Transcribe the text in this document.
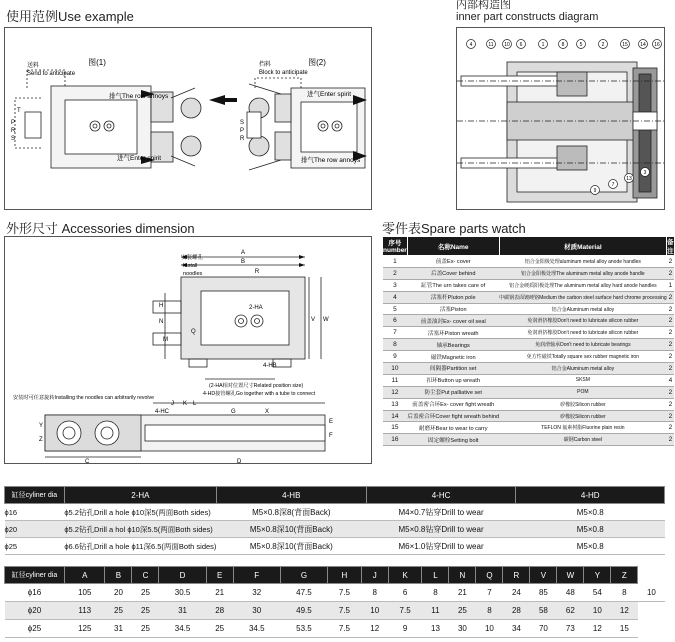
使用范例Use example
图(1)
送料
Send to anticipate
排气The row annoys
进气Enter spirit
P
R
S
T
图(2)
挡料
Block to anticipate
进气Enter spirit
排气The row annoys
S
P
R
内部构造图
inner part constructs diagram
4	11 10 6	1	8	5	2	15 14 16
9
7
13
3
外形尺寸 Accessories dimension
A
B
R
W
V
Q
H
G
J K L
M
N
E
F
Y
Z
C	D
X
安装螺孔
Install
noodles
2-HA
4-HB
4-HC
(2-HA相对位置尺寸Related position size)
4-HD接管螺孔Go together with a tube to connect
安装时可任意旋转Installing the noodles can arbitrarily revolve
零件表Spare parts watch
序号number	名称Name	材质Material	备注
1	前盖Ex- cover	铝合金阳极处理aluminum metal alloy anode handles	2
2	后盖Cover behind	铝合金阳极处理The aluminum metal alloy anode handle	2
3	缸管The urn takes care of	铝合金硬质阳极处理The aluminum metal alloy hard anode handles	1
4	活塞杆Pluton pole	中碳钢表面镀硬铬Medium the carbon steel surface hard chrome processing	2
5	活塞Piston	铝合金Aluminum metal alloy	2
6	前盖油封Ex- cover oil seal	免润滑挤橡胶Don't need to lubricate silicon rubber	2
7	活塞环Piston wreath	免润滑挤橡胶Don't need to lubricate silicon rubber	2
8	轴承Bearings	免润滑轴承Don't need to lubricate bearings	2
9	磁铁Magnetic iron	免方性磁铁Totally square sex rubber magnetic iron	2
10	间隔器Partition set	铝合金Aluminum metal alloy	2
11	扣环Button up wreath	SKSM	4
12	防尘套Put palliative set	POM	2
13	前盖密合环Ex- cover fight wreath	矽橡胶Silicon rubber	2
14	后盖密合环Cover fight wreath behind	矽橡胶Silicon rubber	2
15	耐磨环Bear to wear to carry	TEFLON 氟素树脂Fluorine plain resin	2
16	固定螺栓Setting bolt	碳钢Carbon steel	2
缸径cyliner dia	2-HA	4-HB	4-HC	4-HD
ϕ16	ϕ5.2钻孔Drill a hole ϕ10深5(两面Both sides)	M5×0.8深8(背面Back)	M4×0.7钻穿Drill to wear	M5×0.8
ϕ20	ϕ5.2钻孔Drill a hol ϕ10深5.5(两面Both sides)	M5×0.8深10(背面Back)	M5×0.8钻穿Drill to wear	M5×0.8
ϕ25	ϕ6.6钻孔Drill a hole ϕ11深6.5(两面Both sides)	M5×0.8深10(背面Back)	M6×1.0钻穿Drill to wear	M5×0.8
缸径cyliner dia	A	B	C	D	E	F	G	H	J	K	L	N	Q	R	V	W	Y	Z	
ϕ16	105	20	25	30.5	21	32	47.5	7.5	8	6	8	21	7	24	85	48	54	8	10
ϕ20	113	25	25	31	28	30	49.5	7.5	10	7.5	11	25	8	28	58	62	10	12	
ϕ25	125	31	25	34.5	25	34.5	53.5	7.5	12	9	13	30	10	34	70	73	12	15	
